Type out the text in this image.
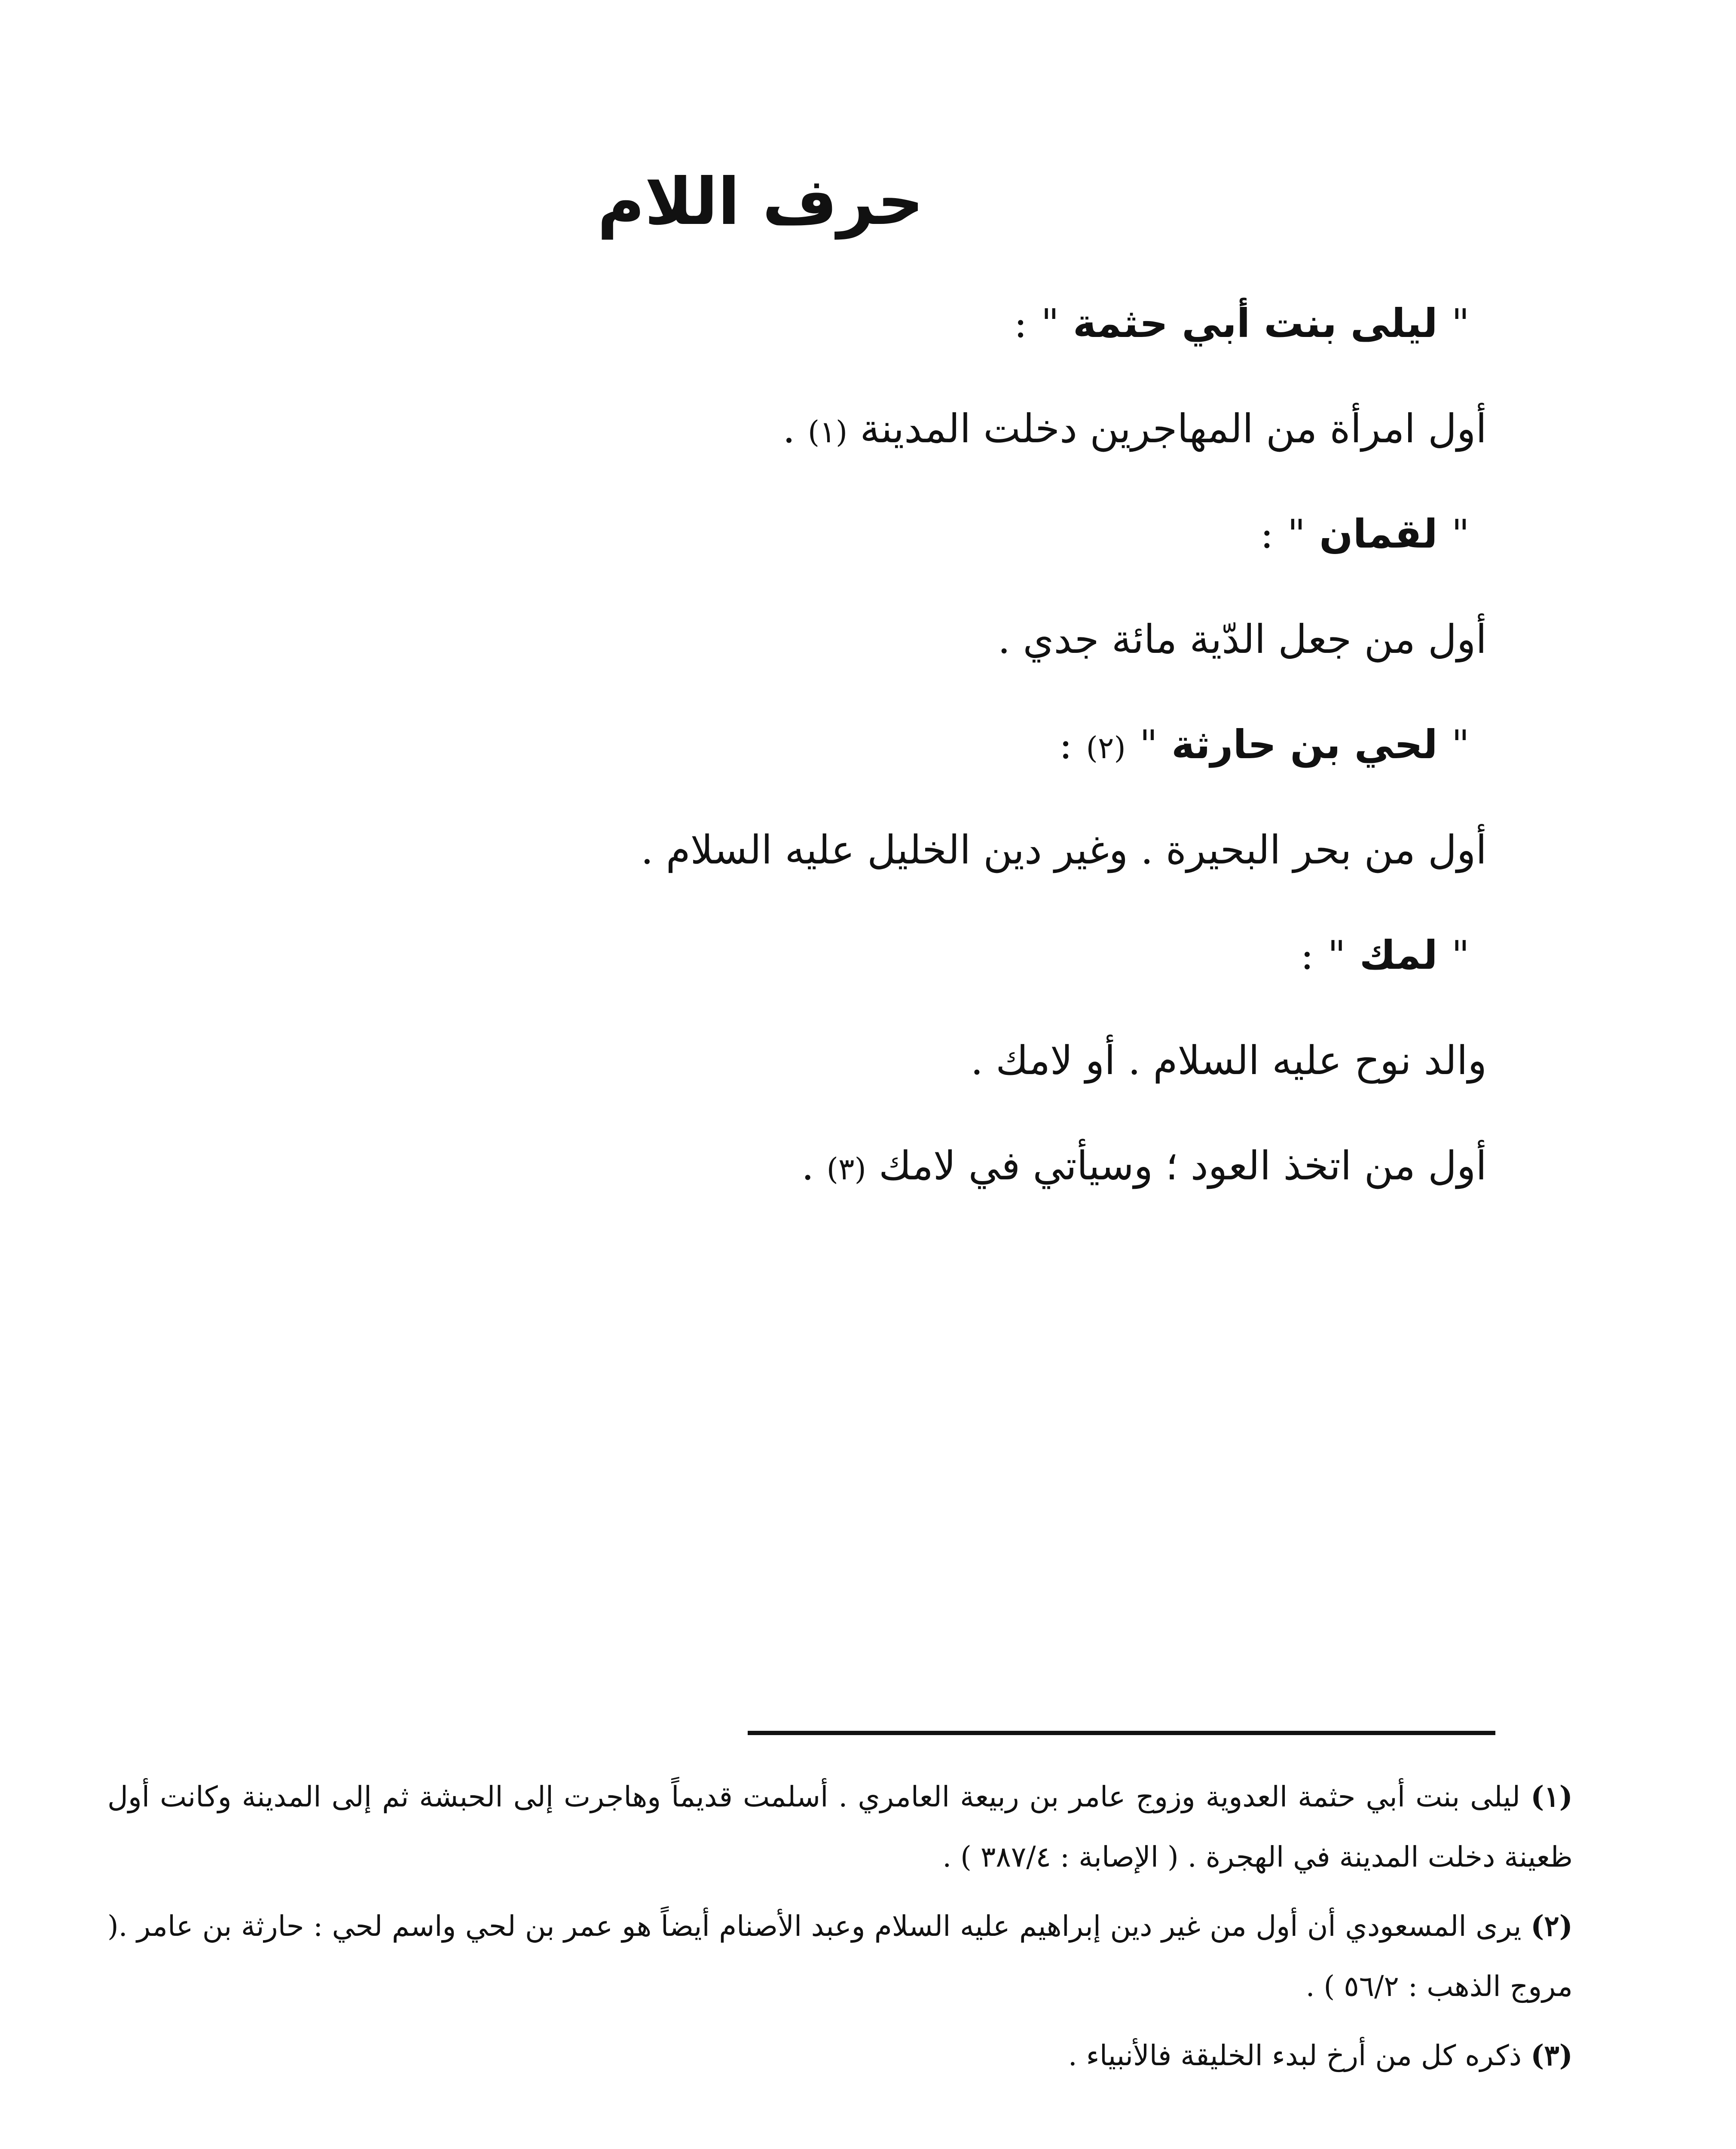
حرف اللام
" ليلى بنت أبي حثمة " :
أول امرأة من المهاجرين دخلت المدينة (١) .
" لقمان " :
أول من جعل الدّية مائة جدي .
" لحي بن حارثة " (٢) :
أول من بحر البحيرة . وغير دين الخليل عليه السلام .
" لمك " :
والد نوح عليه السلام . أو لامك .
أول من اتخذ العود ؛ وسيأتي في لامك (٣) .
(١) ليلى بنت أبي حثمة العدوية وزوج عامر بن ربيعة العامري . أسلمت قديماً وهاجرت إلى الحبشة ثم إلى المدينة وكانت أول ظعينة دخلت المدينة في الهجرة . ( الإصابة : ٣٨٧/٤ ) .
(٢) يرى المسعودي أن أول من غير دين إبراهيم عليه السلام وعبد الأصنام أيضاً هو عمر بن لحي واسم لحي : حارثة بن عامر .( مروج الذهب : ٥٦/٢ ) .
(٣) ذكره كل من أرخ لبدء الخليقة فالأنبياء .
